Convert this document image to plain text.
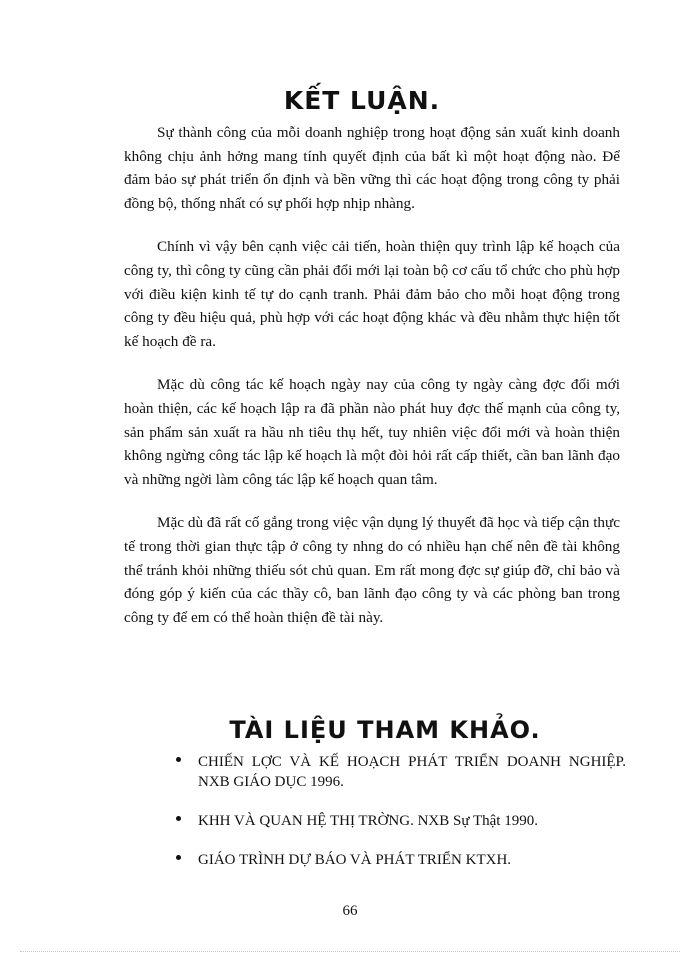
KẾT LUẬN.

Sự thành công của mỗi doanh nghiệp trong hoạt động sản xuất kinh doanh không chịu ảnh hởng mang tính quyết định của bất kì một hoạt động nào. Để đảm bảo sự phát triển ổn định và bền vững thì các hoạt động trong công ty phải đồng bộ, thống nhất có sự phối hợp nhịp nhàng.

Chính vì vậy bên cạnh việc cải tiến, hoàn thiện quy trình lập kế hoạch của công ty, thì công ty cũng cần phải đổi mới lại toàn bộ cơ cấu tổ chức cho phù hợp với điều kiện kinh tế tự do cạnh tranh. Phải đảm bảo cho mỗi hoạt động trong công ty đều hiệu quả, phù hợp với các hoạt động khác và đều nhằm thực hiện tốt kế hoạch đề ra.

Mặc dù công tác kế hoạch ngày nay của công ty ngày càng đợc đổi mới hoàn thiện, các kế hoạch lập ra đã phần nào phát huy đợc thế mạnh của công ty, sản phẩm sản xuất ra hầu nh tiêu thụ hết, tuy nhiên việc đổi mới và hoàn thiện không ngừng công tác lập kế hoạch là một đòi hỏi rất cấp thiết, cần ban lãnh đạo và những ngời làm công tác lập kế hoạch quan tâm.

Mặc dù đã rất cố gắng trong việc vận dụng lý thuyết đã học và tiếp cận thực tế trong thời gian thực tập ở công ty nhng do có nhiều hạn chế nên đề tài không thể tránh khỏi những thiếu sót chủ quan. Em rất mong đợc sự giúp đỡ, chỉ bảo và đóng góp ý kiến của các thầy cô, ban lãnh đạo công ty và các phòng ban trong công ty để em có thể hoàn thiện đề tài này.

TÀI LIỆU THAM KHẢO.
CHIẾN LỢC VÀ KẾ HOẠCH PHÁT TRIỂN DOANH NGHIỆP. NXB GIÁO DỤC 1996.
KHH VÀ QUAN HỆ THỊ TRỜNG. NXB Sự Thật 1990.
GIÁO TRÌNH DỰ BÁO VÀ PHÁT TRIỂN KTXH.
66
